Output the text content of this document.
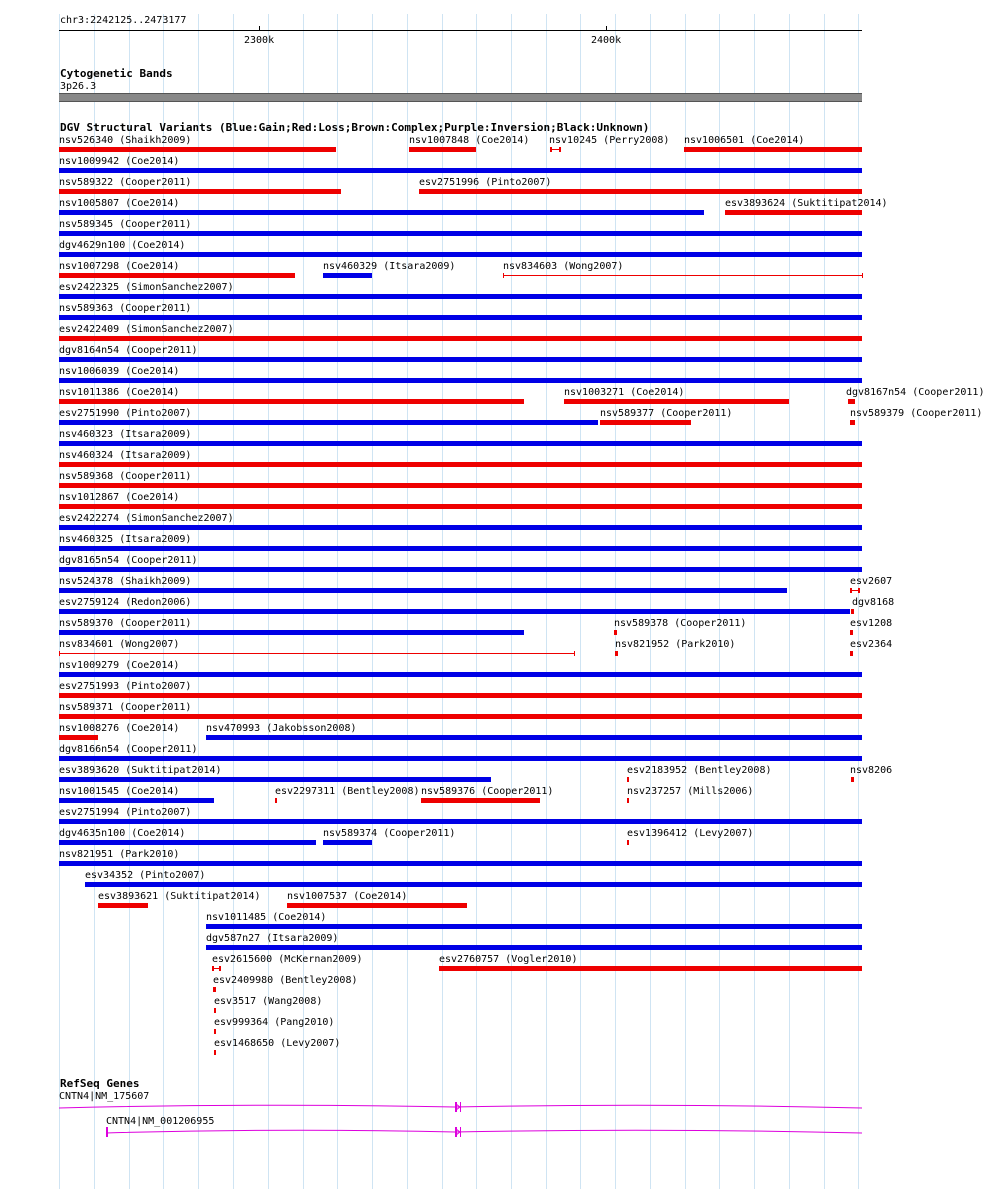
chr3:2242125..2473177
2300k	2400k
Cytogenetic Bands
3p26.3
DGV Structural Variants (Blue:Gain;Red:Loss;Brown:Complex;Purple:Inversion;Black:Unknown)
nsv526340 (Shaikh2009)	nsv1007848 (Coe2014) nsv10245 (Perry2008) nsv1006501 (Coe2014)
nsv1009942 (Coe2014)
nsv589322 (Cooper2011)	esv2751996 (Pinto2007)
nsv1005807 (Coe2014)	esv3893624 (Suktitipat2014)
nsv589345 (Cooper2011)
dgv4629n100 (Coe2014)
nsv1007298 (Coe2014)	nsv460329 (Itsara2009)	nsv834603 (Wong2007)
esv2422325 (SimonSanchez2007)
nsv589363 (Cooper2011)
esv2422409 (SimonSanchez2007)
dgv8164n54 (Cooper2011)
nsv1006039 (Coe2014)
nsv1011386 (Coe2014)	nsv1003271 (Coe2014)	dgv8167n54 (Cooper2011)
esv2751990 (Pinto2007)	nsv589377 (Cooper2011)	nsv589379 (Cooper2011)
nsv460323 (Itsara2009)
nsv460324 (Itsara2009)
nsv589368 (Cooper2011)
nsv1012867 (Coe2014)
esv2422274 (SimonSanchez2007)
nsv460325 (Itsara2009)
dgv8165n54 (Cooper2011)
nsv524378 (Shaikh2009)	esv2607
esv2759124 (Redon2006)	dgv8168
nsv589370 (Cooper2011)	nsv589378 (Cooper2011)	esv1208
nsv834601 (Wong2007)	nsv821952 (Park2010)	esv2364
nsv1009279 (Coe2014)
esv2751993 (Pinto2007)
nsv589371 (Cooper2011)
nsv1008276 (Coe2014)	nsv470993 (Jakobsson2008)
dgv8166n54 (Cooper2011)
esv3893620 (Suktitipat2014)	esv2183952 (Bentley2008)	nsv8206
nsv1001545 (Coe2014)	esv2297311 (Bentley2008) nsv589376 (Cooper2011)	nsv237257 (Mills2006)
esv2751994 (Pinto2007)
dgv4635n100 (Coe2014)	nsv589374 (Cooper2011)	esv1396412 (Levy2007)
nsv821951 (Park2010)
esv34352 (Pinto2007)
esv3893621 (Suktitipat2014)	nsv1007537 (Coe2014)
nsv1011485 (Coe2014)
dgv587n27 (Itsara2009)
esv2615600 (McKernan2009)	esv2760757 (Vogler2010)
esv2409980 (Bentley2008)
esv3517 (Wang2008)
esv999364 (Pang2010)
esv1468650 (Levy2007)
RefSeq Genes
CNTN4|NM_175607
CNTN4|NM_001206955
